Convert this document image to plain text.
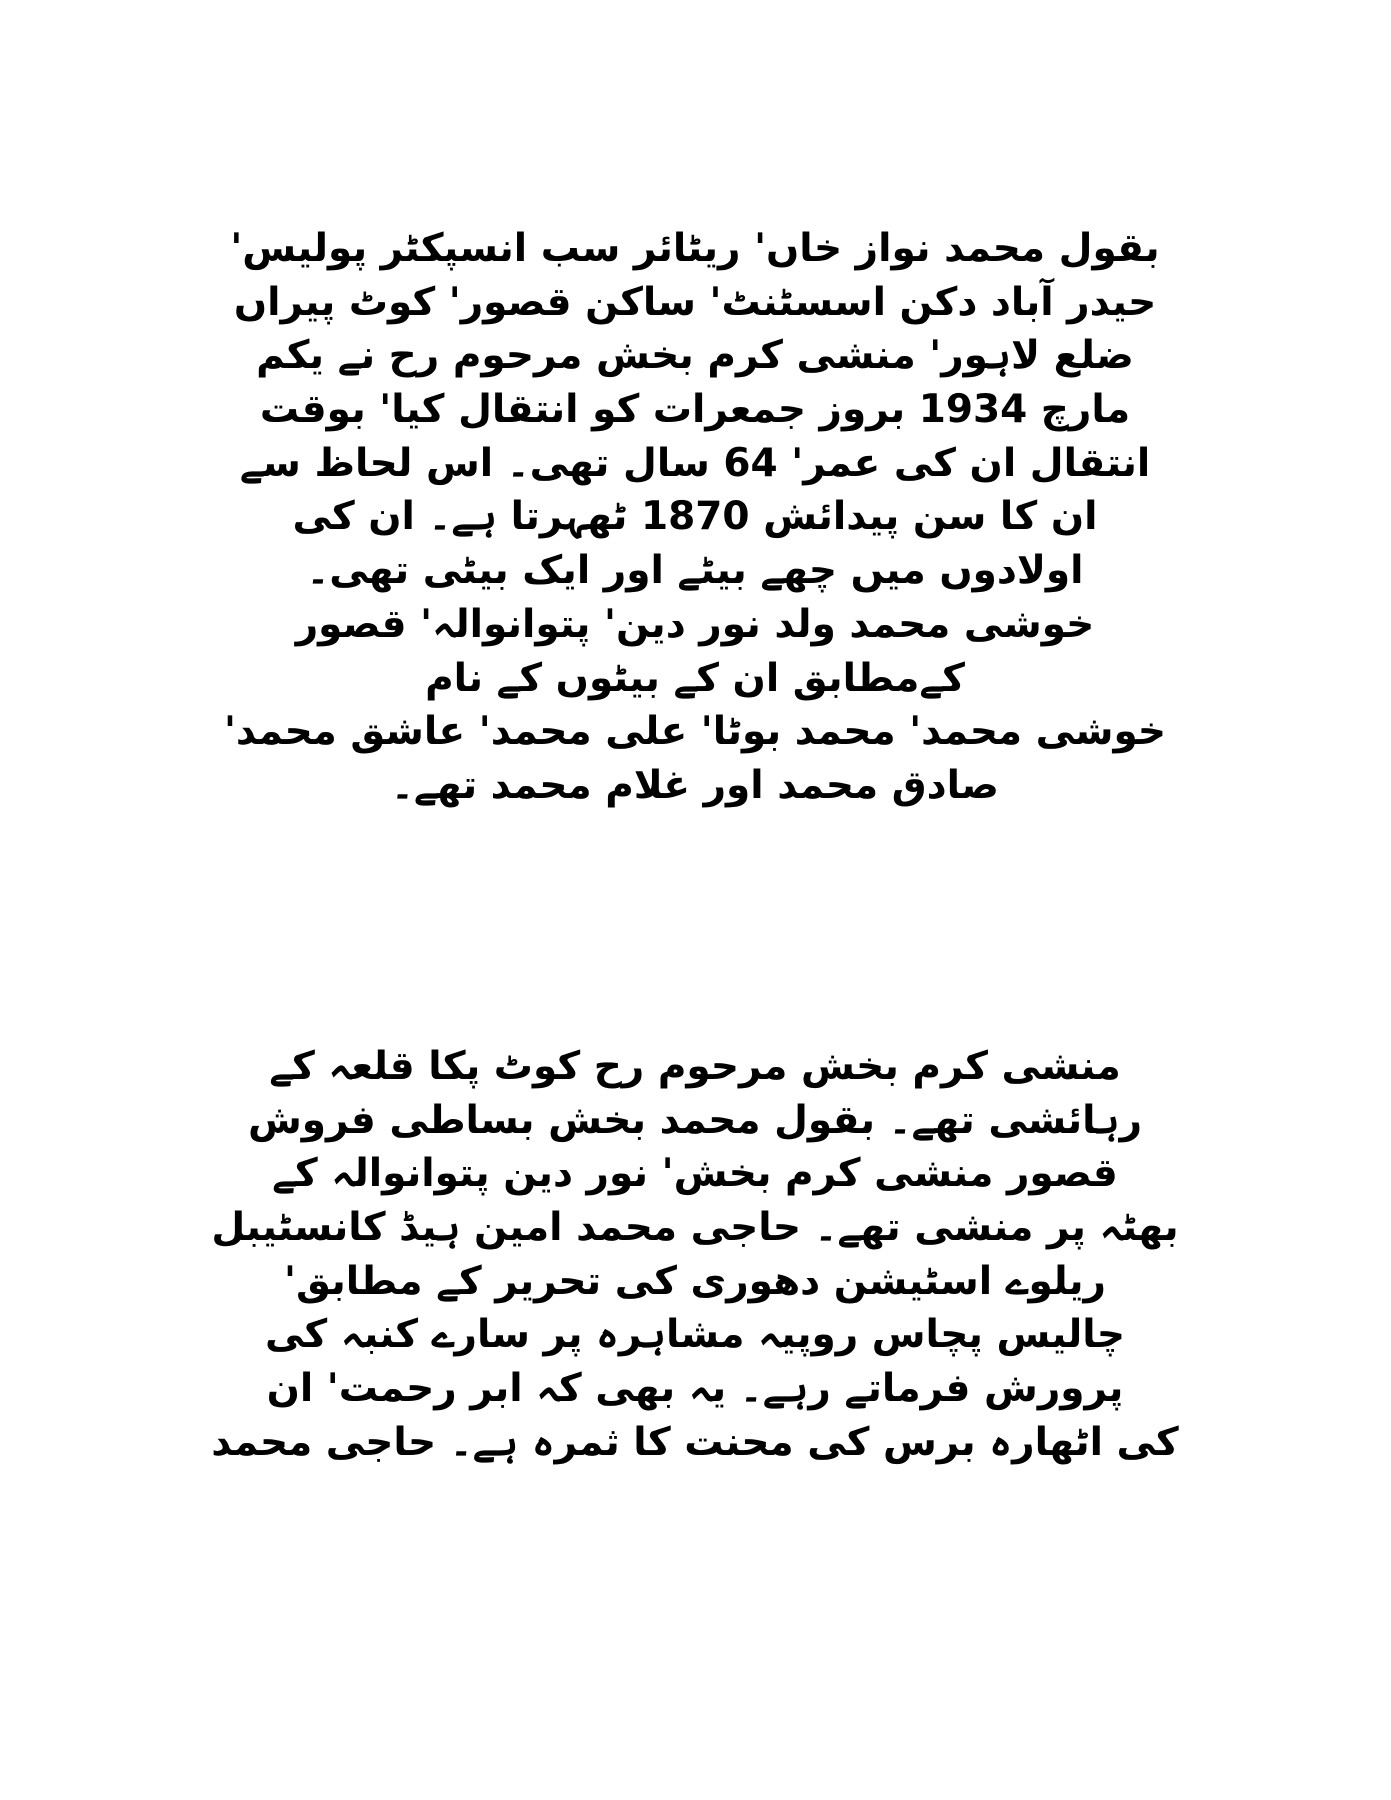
بقول محمد نواز خاں' ریٹائر سب انسپکٹر پولیس'
حیدر آباد دکن اسسٹنٹ' ساکن قصور' کوٹ پیراں
ضلع لاہور' منشی کرم بخش مرحوم رح نے یکم
مارچ 1934 بروز جمعرات کو انتقال کیا' بوقت
انتقال ان کی عمر' 64 سال تھی۔ اس لحاظ سے
ان کا سن پیدائش 1870 ٹھہرتا ہے۔ ان کی
اولادوں میں چھے بیٹے اور ایک بیٹی تھی۔
خوشی محمد ولد نور دین' پتوانوالہ' قصور
کےمطابق ان کے بیٹوں کے نام
خوشی محمد' محمد بوٹا' علی محمد' عاشق محمد'
صادق محمد اور غلام محمد تھے۔
منشی کرم بخش مرحوم رح کوٹ پکا قلعہ کے
رہائشی تھے۔ بقول محمد بخش بساطی فروش
قصور منشی کرم بخش' نور دین پتوانوالہ کے
بھٹہ پر منشی تھے۔ حاجی محمد امین ہیڈ کانسٹیبل
ریلوے اسٹیشن دھوری کی تحریر کے مطابق'
چالیس پچاس روپیہ مشاہرہ پر سارے کنبہ کی
پرورش فرماتے رہے۔ یہ بھی کہ ابر رحمت' ان
کی اٹھارہ برس کی محنت کا ثمرہ ہے۔ حاجی محمد
